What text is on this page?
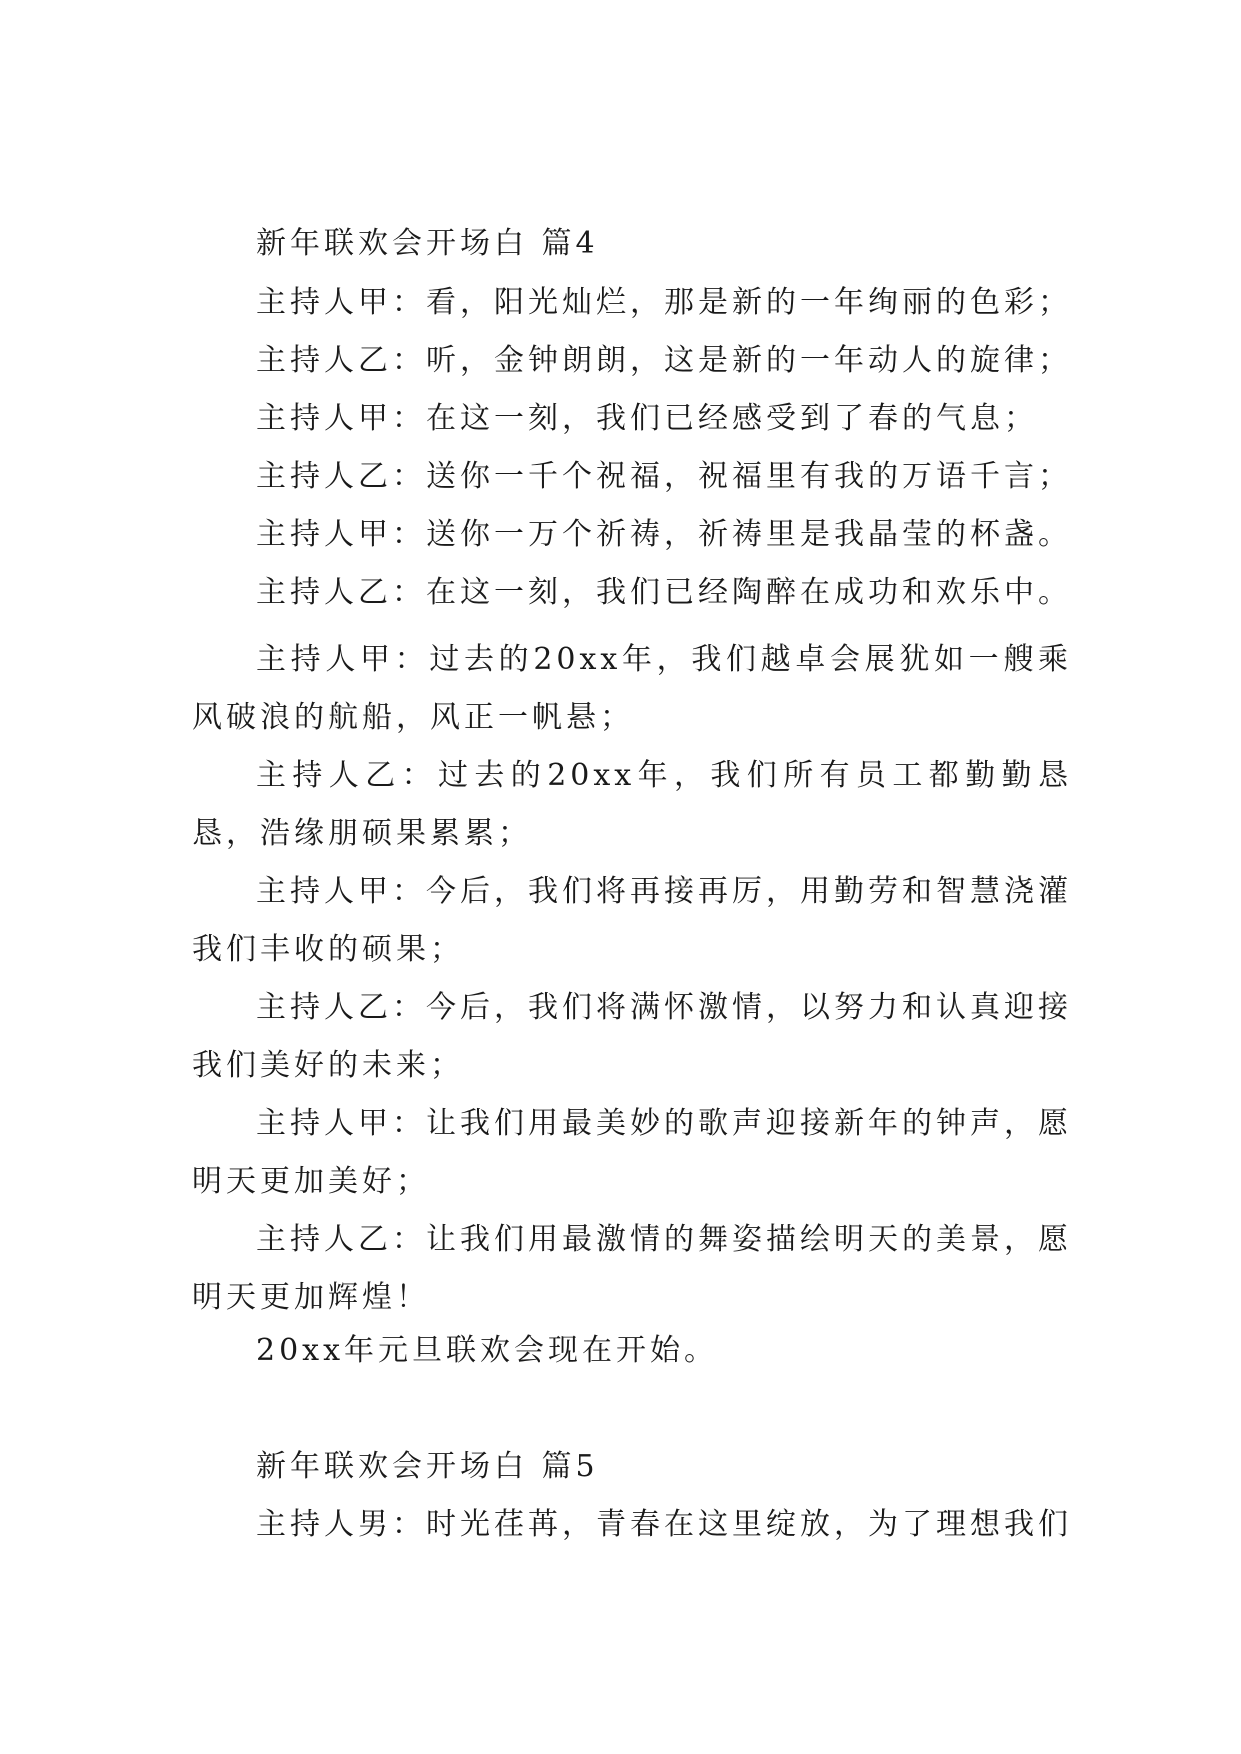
新年联欢会开场白 篇4

主持人甲：看，阳光灿烂，那是新的一年绚丽的色彩；

主持人乙：听，金钟朗朗，这是新的一年动人的旋律；

主持人甲：在这一刻，我们已经感受到了春的气息；

主持人乙：送你一千个祝福，祝福里有我的万语千言；

主持人甲：送你一万个祈祷，祈祷里是我晶莹的杯盏。

主持人乙：在这一刻，我们已经陶醉在成功和欢乐中。

主持人甲：过去的20xx年，我们越卓会展犹如一艘乘风破浪的航船，风正一帆悬；

主持人乙：过去的20xx年，我们所有员工都勤勤恳恳，浩缘朋硕果累累；

主持人甲：今后，我们将再接再厉，用勤劳和智慧浇灌我们丰收的硕果；

主持人乙：今后，我们将满怀激情，以努力和认真迎接我们美好的未来；

主持人甲：让我们用最美妙的歌声迎接新年的钟声，愿明天更加美好；

主持人乙：让我们用最激情的舞姿描绘明天的美景，愿明天更加辉煌！

20xx年元旦联欢会现在开始。

新年联欢会开场白 篇5

主持人男：时光荏苒，青春在这里绽放，为了理想我们
